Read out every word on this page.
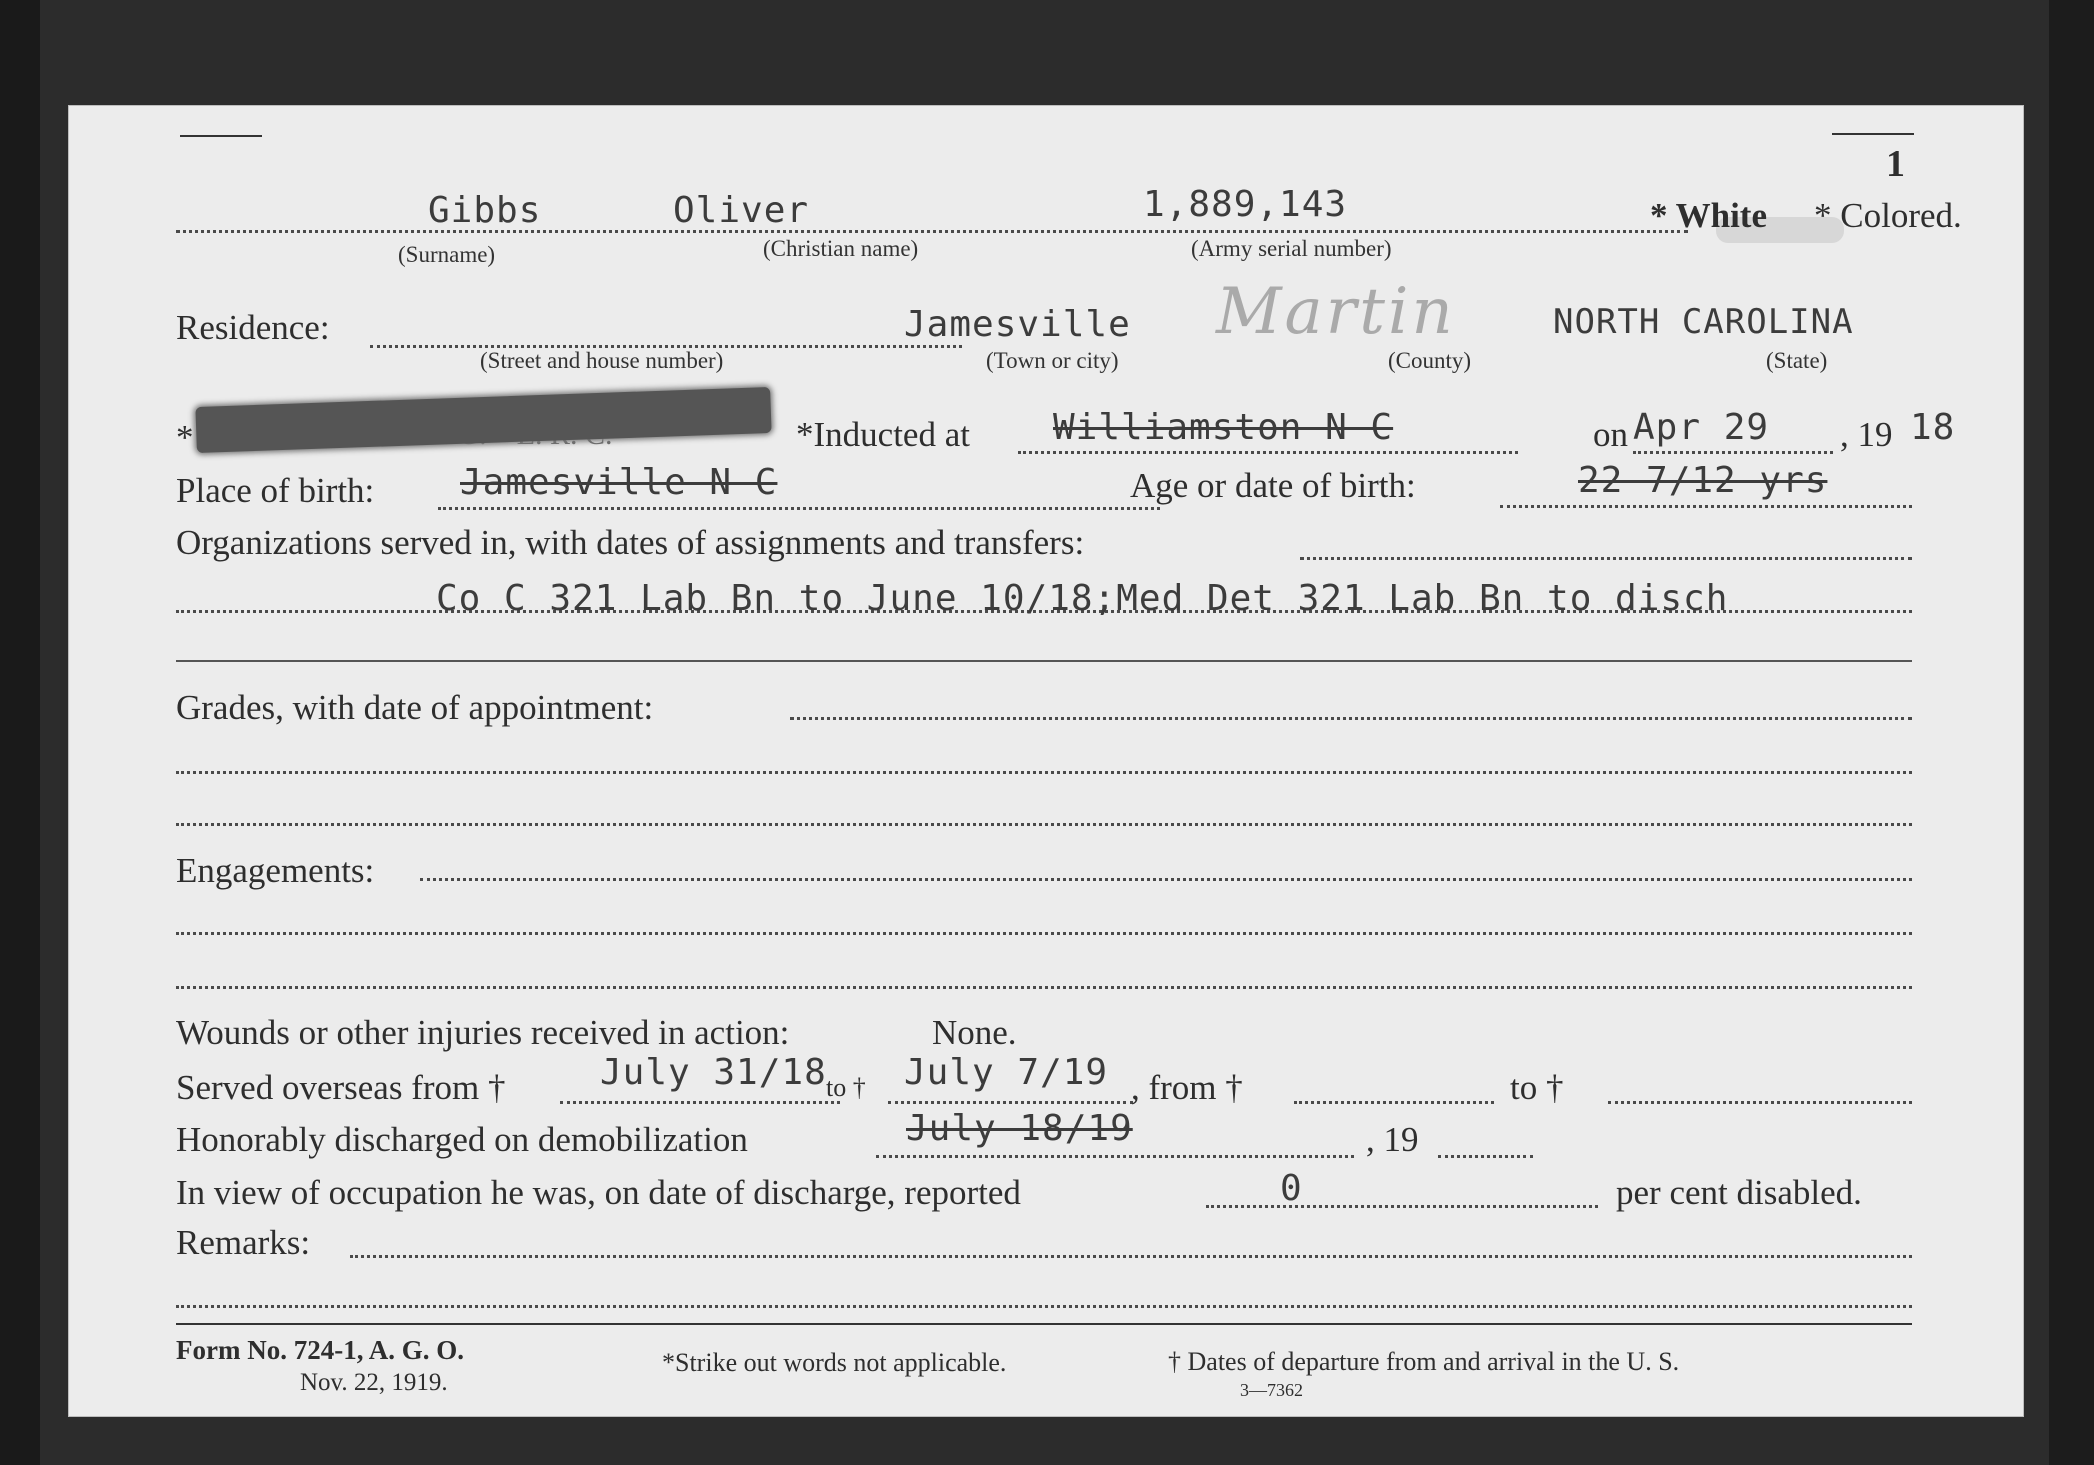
1
Gibbs	Oliver	1,889,143	* White * Colored.
(Surname)	(Christian name)	(Army serial number)
Residence:	Jamesville Martin	NORTH CAROLINA
(Street and house number)	(Town or city)	(County)	(State)
*	*Inducted at Williamston N C	on Apr 29 , 19 18
Place of birth: Jamesville N C	Age or date of birth:	22 7/12 yrs
Organizations served in, with dates of assignments and transfers:
Co C 321 Lab Bn to June 10/18;Med Det 321 Lab Bn to disch
Grades, with date of appointment:
Engagements:
Wounds or other injuries received in action:	None.
Served overseas from †	July 31/18 to † July 7/19 , from †	to †
Honorably discharged on demobilization	July 18/19	, 19
In view of occupation he was, on date of discharge, reported	0	per cent disabled.
Remarks:
Form No. 724-1, A. G. O.
Nov. 22, 1919.
*Strike out words not applicable.	† Dates of departure from and arrival in the U. S.
3—7362
